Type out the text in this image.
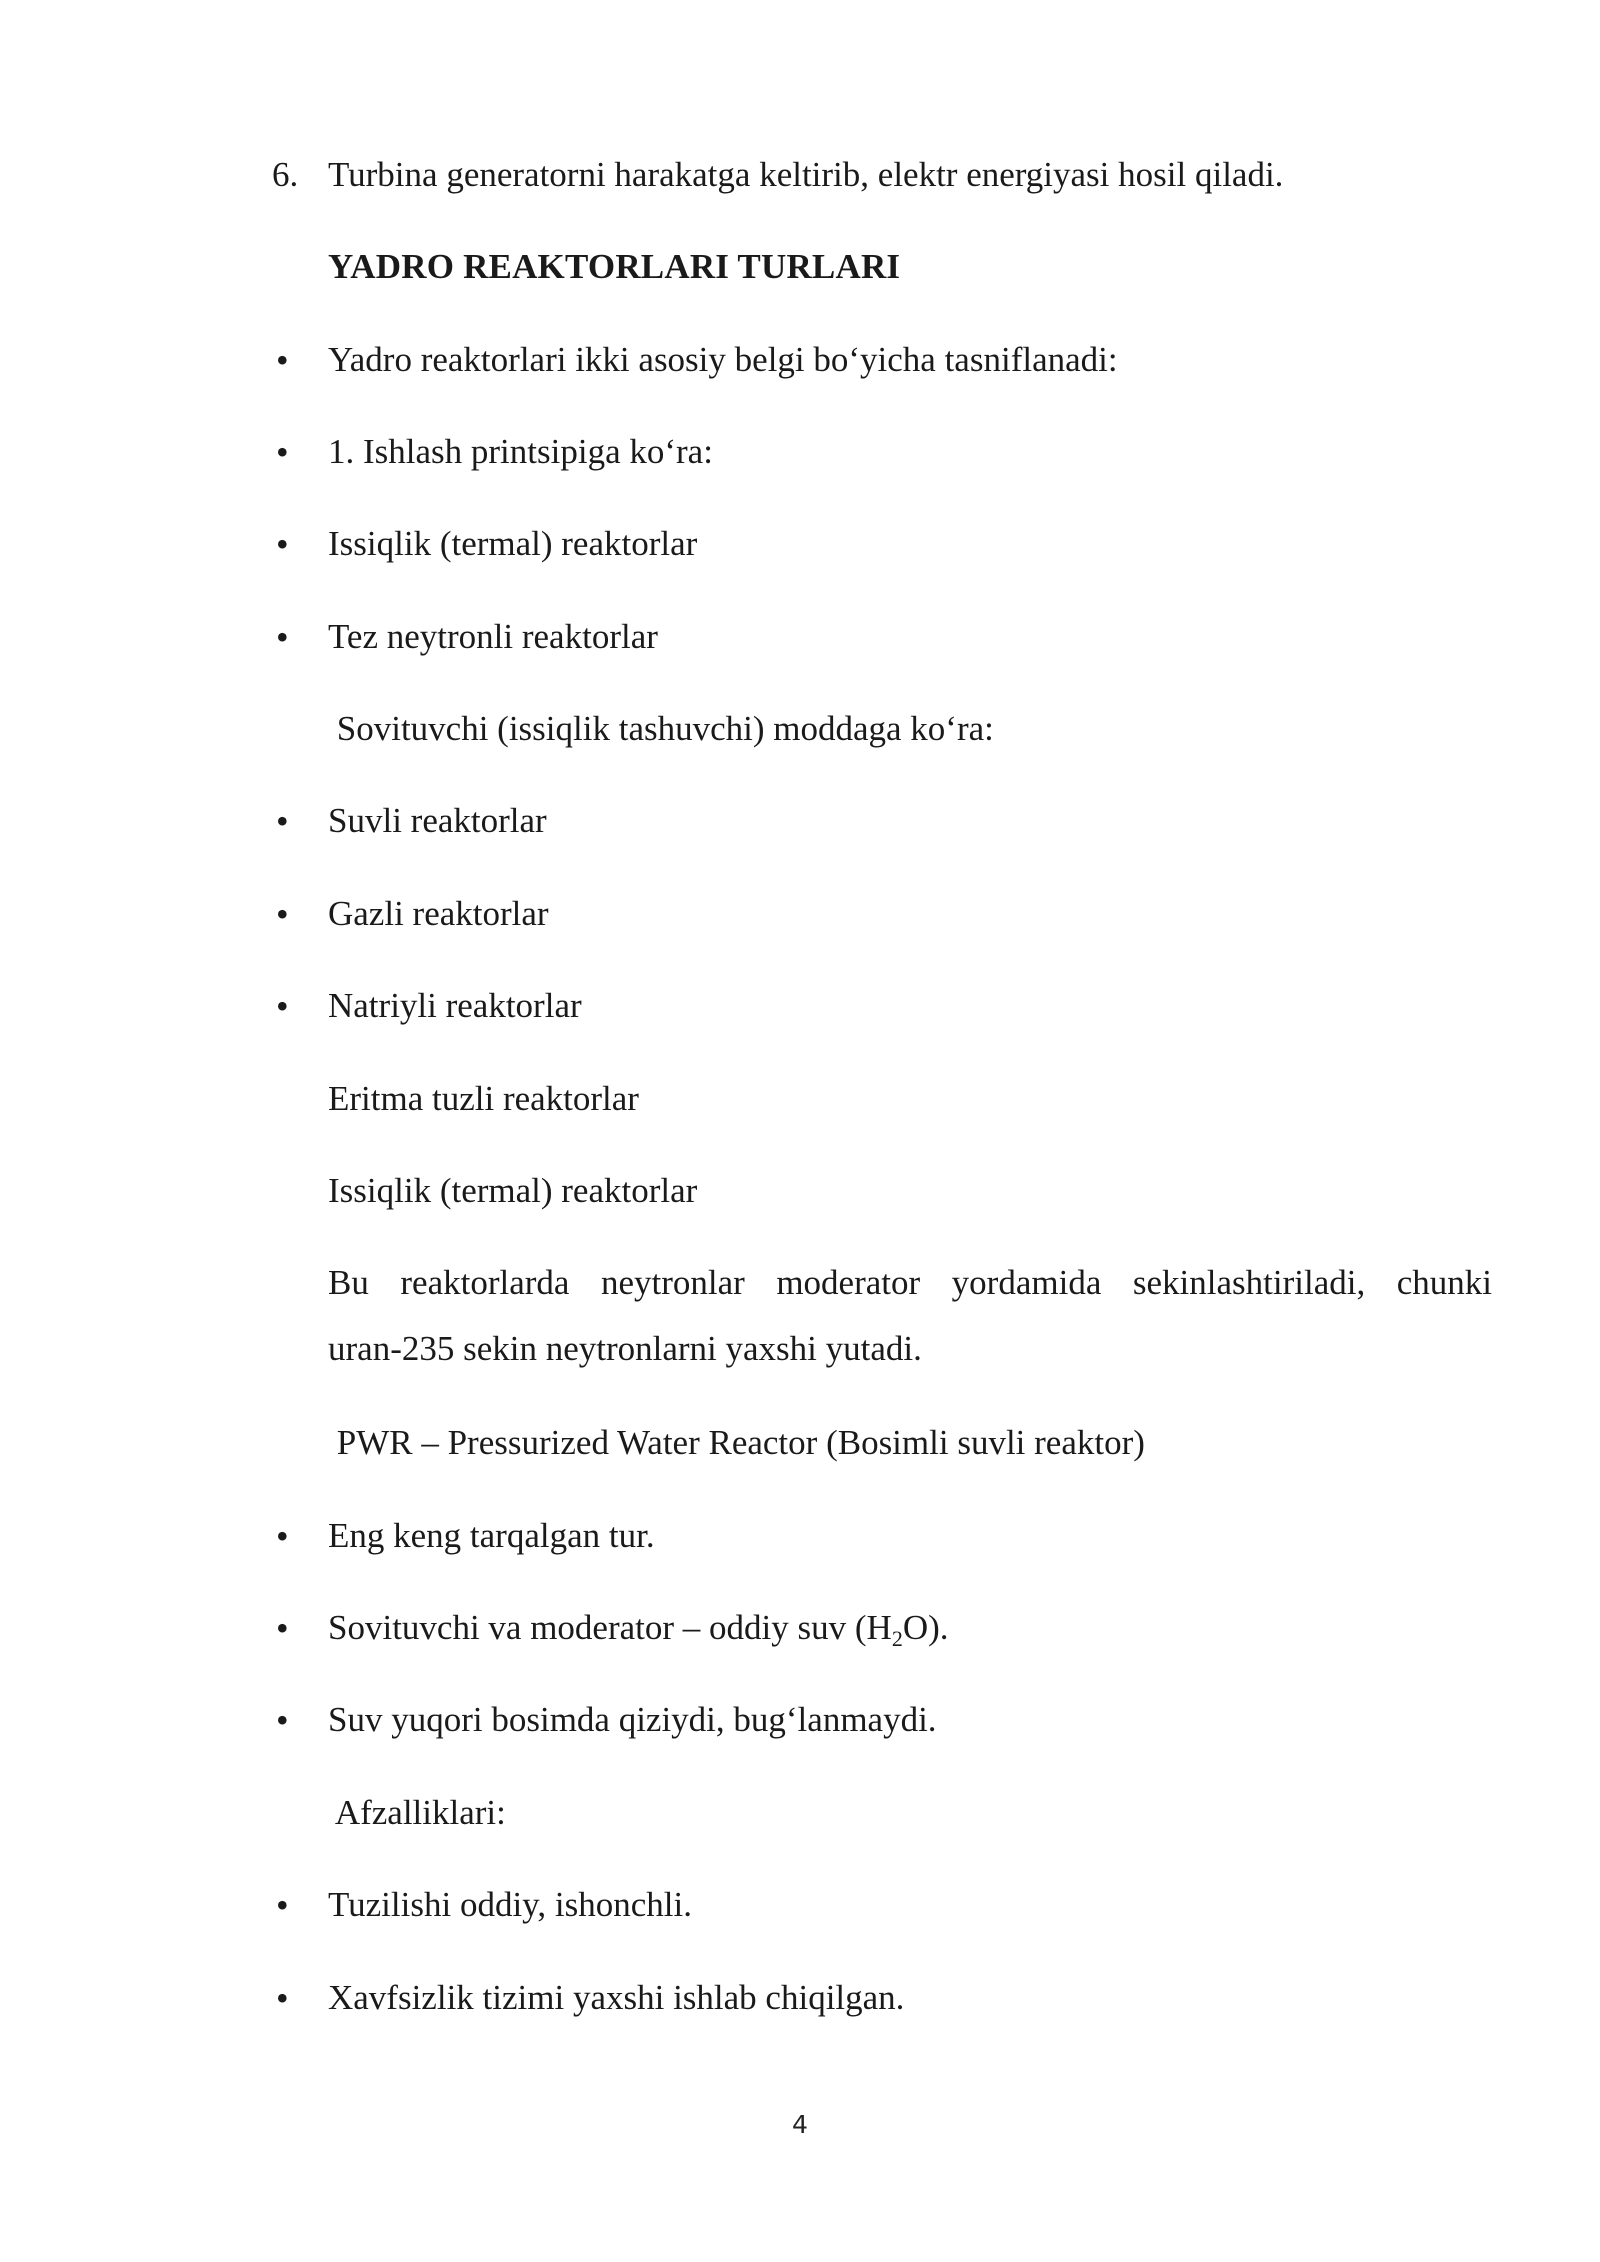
6. Turbina generatorni harakatga keltirib, elektr energiyasi hosil qiladi.
YADRO REAKTORLARI TURLARI
•	Yadro reaktorlari ikki asosiy belgi bo‘yicha tasniflanadi:
•	1. Ishlash printsipiga ko‘ra:
•	Issiqlik (termal) reaktorlar
•	Tez neytronli reaktorlar
Sovituvchi (issiqlik tashuvchi) moddaga ko‘ra:
•	Suvli reaktorlar
•	Gazli reaktorlar
•	Natriyli reaktorlar
Eritma tuzli reaktorlar
Issiqlik (termal) reaktorlar
Bu reaktorlarda neytronlar moderator yordamida sekinlashtiriladi, chunki
uran-235 sekin neytronlarni yaxshi yutadi.
PWR – Pressurized Water Reactor (Bosimli suvli reaktor)
•	Eng keng tarqalgan tur.
•	Sovituvchi va moderator – oddiy suv $(H_2O)$.
•	Suv yuqori bosimda qiziydi, bug‘lanmaydi.
Afzalliklari:
•	Tuzilishi oddiy, ishonchli.
•	Xavfsizlik tizimi yaxshi ishlab chiqilgan.
4
